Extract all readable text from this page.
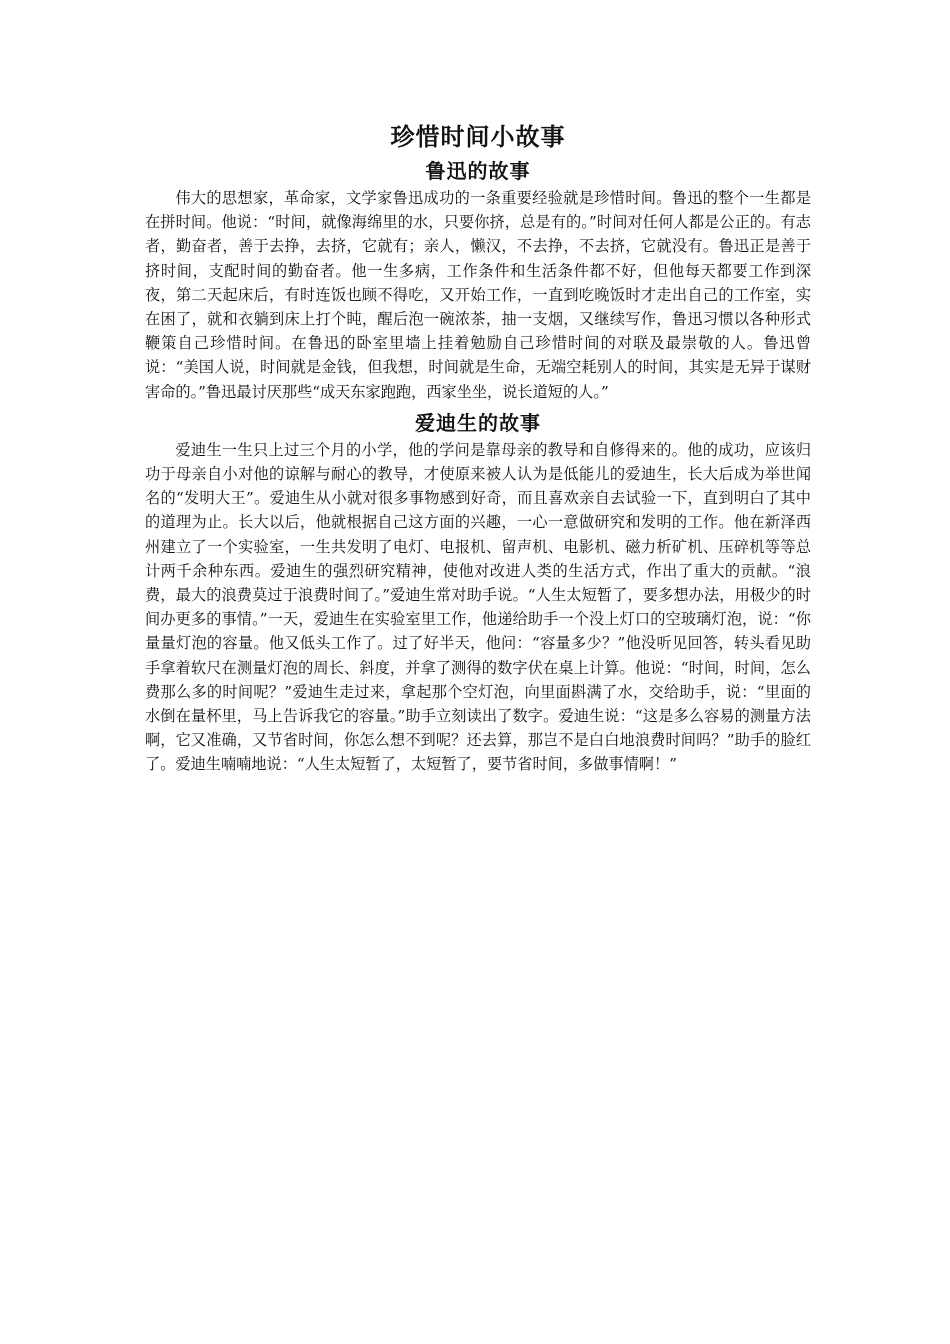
珍惜时间小故事
鲁迅的故事

伟大的思想家，革命家，文学家鲁迅成功的一条重要经验就是珍惜时间。鲁迅的整个一生都是在拼时间。他说：“时间，就像海绵里的水，只要你挤，总是有的。”时间对任何人都是公正的。有志者，勤奋者，善于去挣，去挤，它就有；亲人，懒汉，不去挣，不去挤，它就没有。鲁迅正是善于挤时间，支配时间的勤奋者。他一生多病，工作条件和生活条件都不好，但他每天都要工作到深夜，第二天起床后，有时连饭也顾不得吃，又开始工作，一直到吃晚饭时才走出自己的工作室，实在困了，就和衣躺到床上打个盹，醒后泡一碗浓茶，抽一支烟，又继续写作，鲁迅习惯以各种形式鞭策自己珍惜时间。在鲁迅的卧室里墙上挂着勉励自己珍惜时间的对联及最崇敬的人。鲁迅曾说：“美国人说，时间就是金钱，但我想，时间就是生命，无端空耗别人的时间，其实是无异于谋财害命的。”鲁迅最讨厌那些“成天东家跑跑，西家坐坐，说长道短的人。”

爱迪生的故事

爱迪生一生只上过三个月的小学，他的学问是靠母亲的教导和自修得来的。他的成功，应该归功于母亲自小对他的谅解与耐心的教导，才使原来被人认为是低能儿的爱迪生，长大后成为举世闻名的“发明大王”。爱迪生从小就对很多事物感到好奇，而且喜欢亲自去试验一下，直到明白了其中的道理为止。长大以后，他就根据自己这方面的兴趣，一心一意做研究和发明的工作。他在新泽西州建立了一个实验室，一生共发明了电灯、电报机、留声机、电影机、磁力析矿机、压碎机等等总计两千余种东西。爱迪生的强烈研究精神，使他对改进人类的生活方式，作出了重大的贡献。“浪费，最大的浪费莫过于浪费时间了。”爱迪生常对助手说。“人生太短暂了，要多想办法，用极少的时间办更多的事情。”一天，爱迪生在实验室里工作，他递给助手一个没上灯口的空玻璃灯泡，说：“你量量灯泡的容量。他又低头工作了。过了好半天，他问：“容量多少？”他没听见回答，转头看见助手拿着软尺在测量灯泡的周长、斜度，并拿了测得的数字伏在桌上计算。他说：“时间，时间，怎么费那么多的时间呢？”爱迪生走过来，拿起那个空灯泡，向里面斟满了水，交给助手，说：“里面的水倒在量杯里，马上告诉我它的容量。”助手立刻读出了数字。爱迪生说：“这是多么容易的测量方法啊，它又准确，又节省时间，你怎么想不到呢？还去算，那岂不是白白地浪费时间吗？”助手的脸红了。爱迪生喃喃地说：“人生太短暂了，太短暂了，要节省时间，多做事情啊！”
